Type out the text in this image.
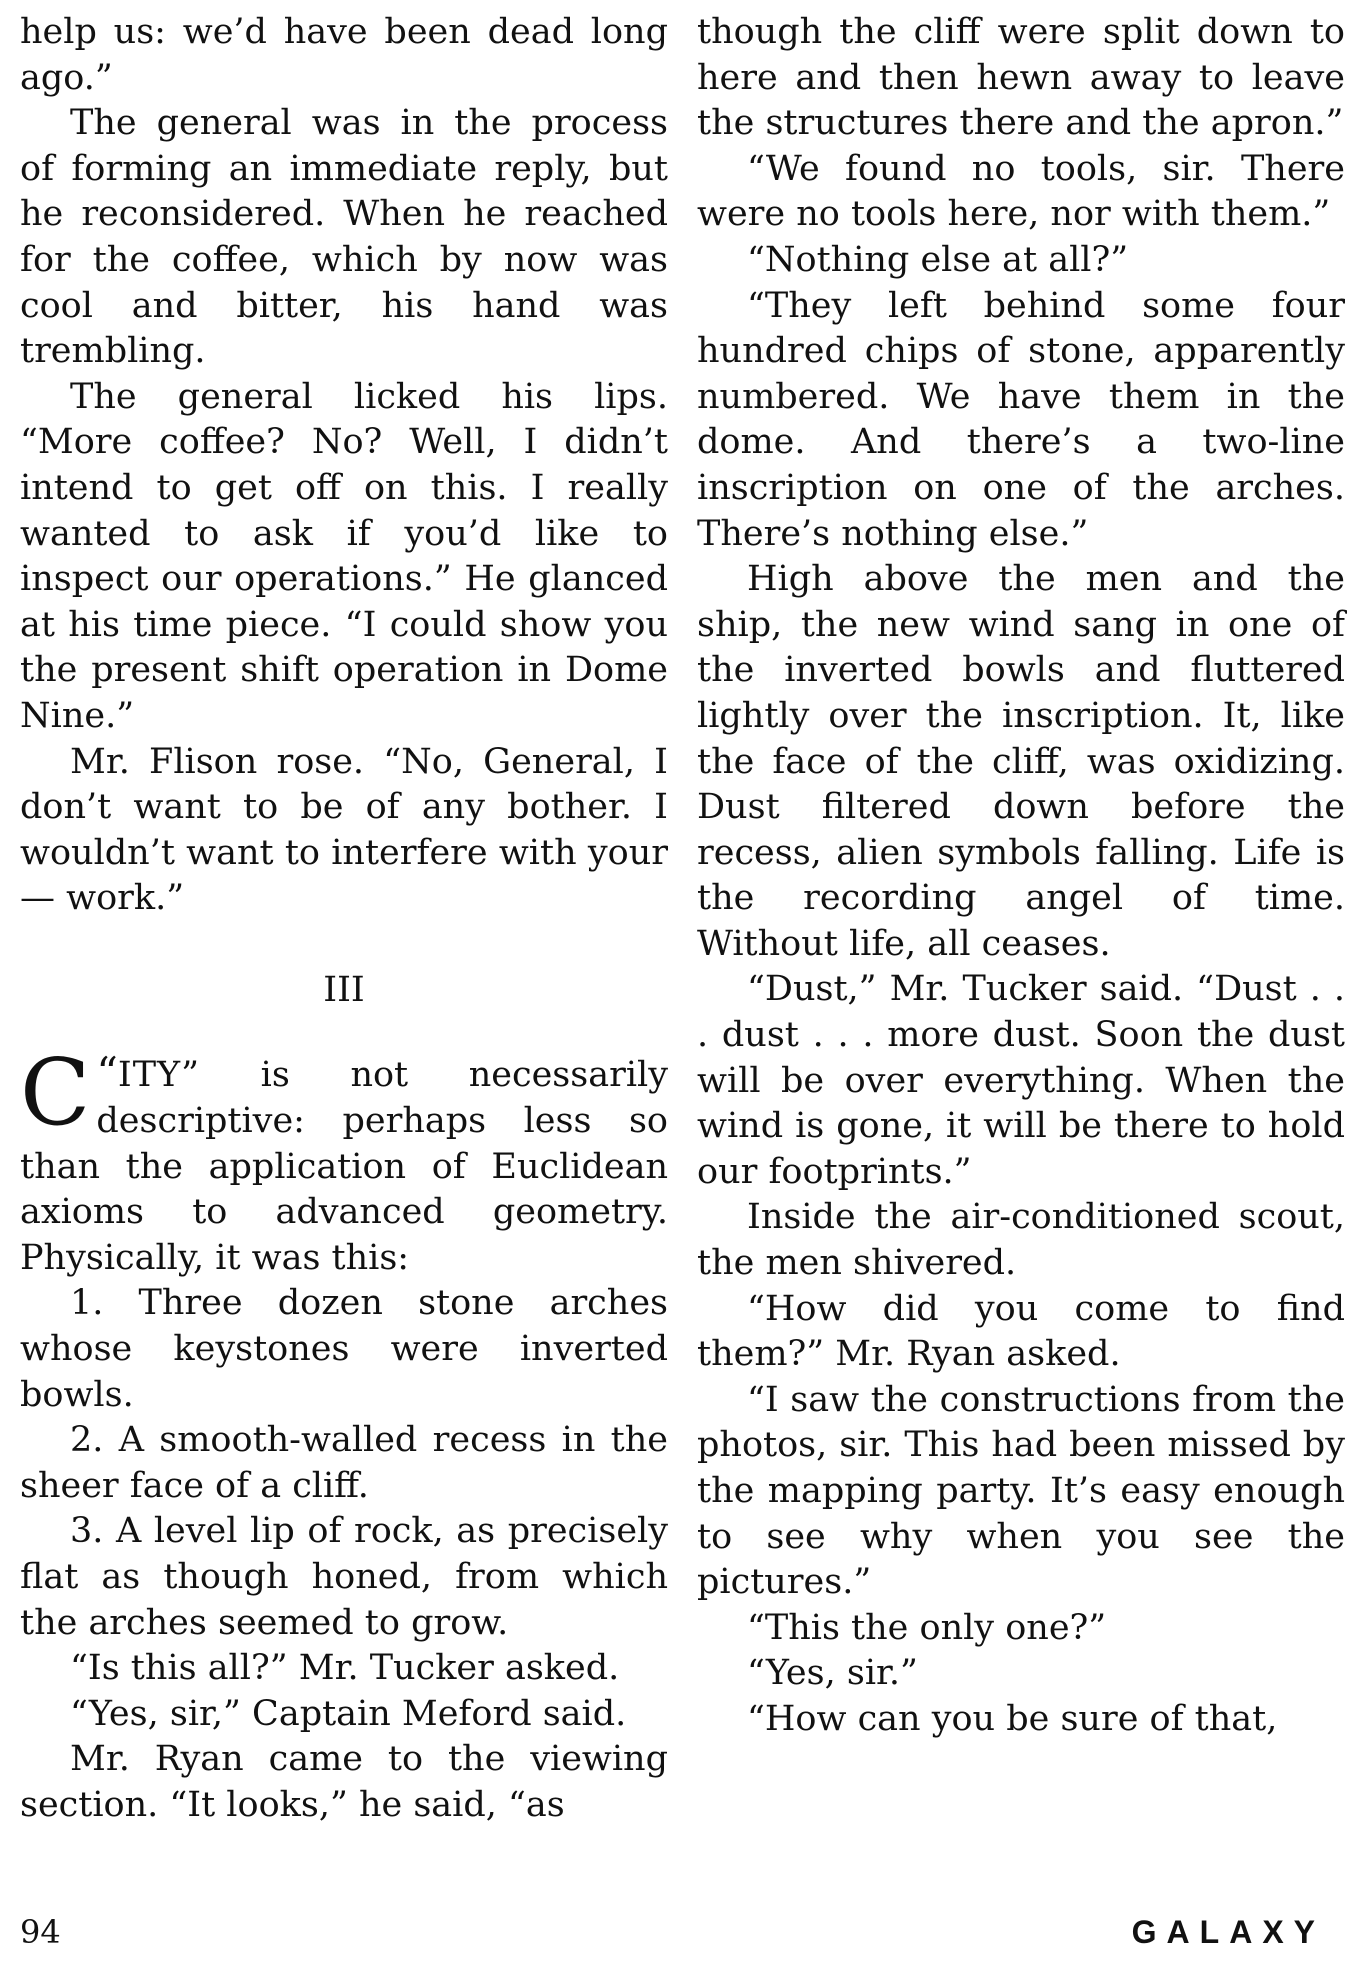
help us: we’d have been dead long ago.”

The general was in the process of forming an immediate reply, but he reconsidered. When he reached for the coffee, which by now was cool and bitter, his hand was trembling.

The general licked his lips. “More coffee? No? Well, I didn’t intend to get off on this. I really wanted to ask if you’d like to inspect our operations.” He glanced at his time piece. “I could show you the present shift operation in Dome Nine.”

Mr. Flison rose. “No, General, I don’t want to be of any bother. I wouldn’t want to interfere with your — work.”

III

“
C ITY” is not necessarily descriptive: perhaps less so than the application of Euclidean axioms to advanced geometry. Physically, it was this:

1. Three dozen stone arches whose keystones were inverted bowls.

2. A smooth-walled recess in the sheer face of a cliff.

3. A level lip of rock, as precisely flat as though honed, from which the arches seemed to grow.

“Is this all?” Mr. Tucker asked.

“Yes, sir,” Captain Meford said.

Mr. Ryan came to the viewing section. “It looks,” he said, “as

though the cliff were split down to here and then hewn away to leave the structures there and the apron.”

“We found no tools, sir. There were no tools here, nor with them.”

“Nothing else at all?”

“They left behind some four hundred chips of stone, apparently numbered. We have them in the dome. And there’s a two-line inscription on one of the arches. There’s nothing else.”

High above the men and the ship, the new wind sang in one of the inverted bowls and fluttered lightly over the inscription. It, like the face of the cliff, was oxidizing. Dust filtered down before the recess, alien symbols falling. Life is the recording angel of time. Without life, all ceases.

“Dust,” Mr. Tucker said. “Dust . . . dust . . . more dust. Soon the dust will be over everything. When the wind is gone, it will be there to hold our footprints.”

Inside the air-conditioned scout, the men shivered.

“How did you come to find them?” Mr. Ryan asked.

“I saw the constructions from the photos, sir. This had been missed by the mapping party. It’s easy enough to see why when you see the pictures.”

“This the only one?”

“Yes, sir.”

“How can you be sure of that,

94	GALAXY
